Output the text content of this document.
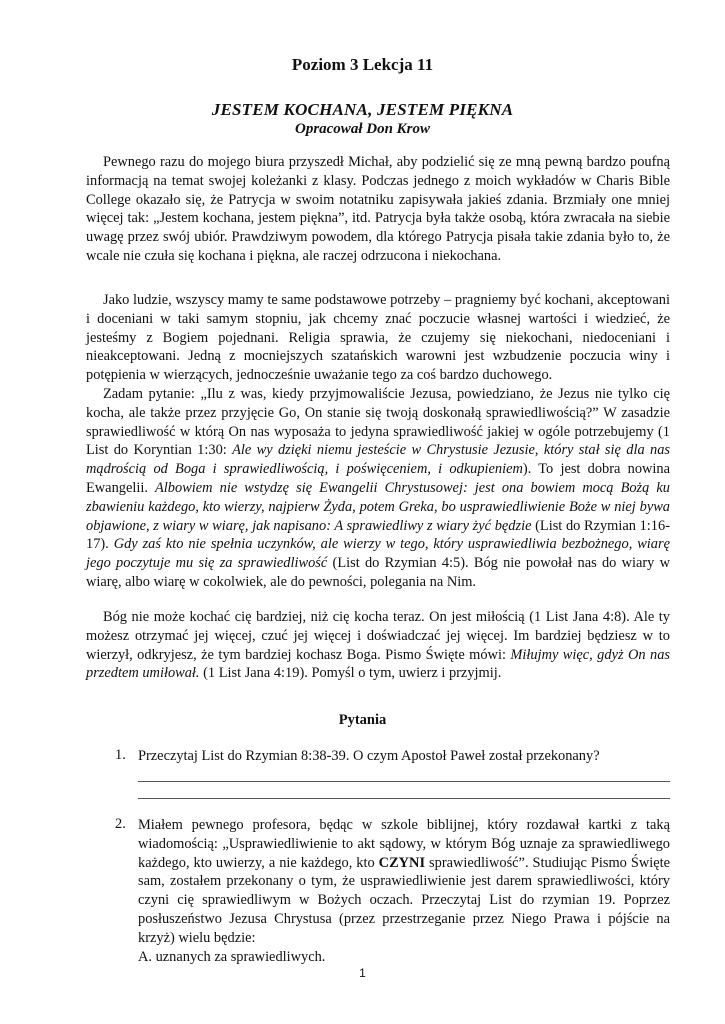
Poziom 3 Lekcja 11
JESTEM KOCHANA, JESTEM PIĘKNA
Opracował Don Krow
Pewnego razu do mojego biura przyszedł Michał, aby podzielić się ze mną pewną bardzo poufną informacją na temat swojej koleżanki z klasy. Podczas jednego z moich wykładów w Charis Bible College okazało się, że Patrycja w swoim notatniku zapisywała jakieś zdania. Brzmiały one mniej więcej tak: „Jestem kochana, jestem piękna”, itd. Patrycja była także osobą, która zwracała na siebie uwagę przez swój ubiór. Prawdziwym powodem, dla którego Patrycja pisała takie zdania było to, że wcale nie czuła się kochana i piękna, ale raczej odrzucona i niekochana.
Jako ludzie, wszyscy mamy te same podstawowe potrzeby – pragniemy być kochani, akceptowani i doceniani w taki samym stopniu, jak chcemy znać poczucie własnej wartości i wiedzieć, że jesteśmy z Bogiem pojednani. Religia sprawia, że czujemy się niekochani, niedoceniani i nieakceptowani. Jedną z mocniejszych szatańskich warowni jest wzbudzenie poczucia winy i potępienia w wierzących, jednocześnie uważanie tego za coś bardzo duchowego.
Zadam pytanie: „Ilu z was, kiedy przyjmowaliście Jezusa, powiedziano, że Jezus nie tylko cię kocha, ale także przez przyjęcie Go, On stanie się twoją doskonałą sprawiedliwością?” W zasadzie sprawiedliwość w którą On nas wyposaża to jedyna sprawiedliwość jakiej w ogóle potrzebujemy (1 List do Koryntian 1:30: Ale wy dzięki niemu jesteście w Chrystusie Jezusie, który stał się dla nas mądrością od Boga i sprawiedliwością, i poświęceniem, i odkupieniem). To jest dobra nowina Ewangelii. Albowiem nie wstydzę się Ewangelii Chrystusowej: jest ona bowiem mocą Bożą ku zbawieniu każdego, kto wierzy, najpierw Żyda, potem Greka, bo usprawiedliwienie Boże w niej bywa objawione, z wiary w wiarę, jak napisano: A sprawiedliwy z wiary żyć będzie (List do Rzymian 1:16-17). Gdy zaś kto nie spełnia uczynków, ale wierzy w tego, który usprawiedliwia bezbożnego, wiarę jego poczytuje mu się za sprawiedliwość (List do Rzymian 4:5). Bóg nie powołał nas do wiary w wiarę, albo wiarę w cokolwiek, ale do pewności, polegania na Nim.
Bóg nie może kochać cię bardziej, niż cię kocha teraz. On jest miłością (1 List Jana 4:8). Ale ty możesz otrzymać jej więcej, czuć jej więcej i doświadczać jej więcej. Im bardziej będziesz w to wierzył, odkryjesz, że tym bardziej kochasz Boga. Pismo Święte mówi: Miłujmy więc, gdyż On nas przedtem umiłował. (1 List Jana 4:19). Pomyśl o tym, uwierz i przyjmij.
Pytania
1. Przeczytaj List do Rzymian 8:38-39. O czym Apostoł Paweł został przekonany?
2. Miałem pewnego profesora, będąc w szkole biblijnej, który rozdawał kartki z taką wiadomością: „Usprawiedliwienie to akt sądowy, w którym Bóg uznaje za sprawiedliwego każdego, kto uwierzy, a nie każdego, kto CZYNI sprawiedliwość”. Studiując Pismo Święte sam, zostałem przekonany o tym, że usprawiedliwienie jest darem sprawiedliwości, który czyni cię sprawiedliwym w Bożych oczach. Przeczytaj List do rzymian 19. Poprzez posłuszeństwo Jezusa Chrystusa (przez przestrzeganie przez Niego Prawa i pójście na krzyż) wielu będzie:
A. uznanych za sprawiedliwych.
1
